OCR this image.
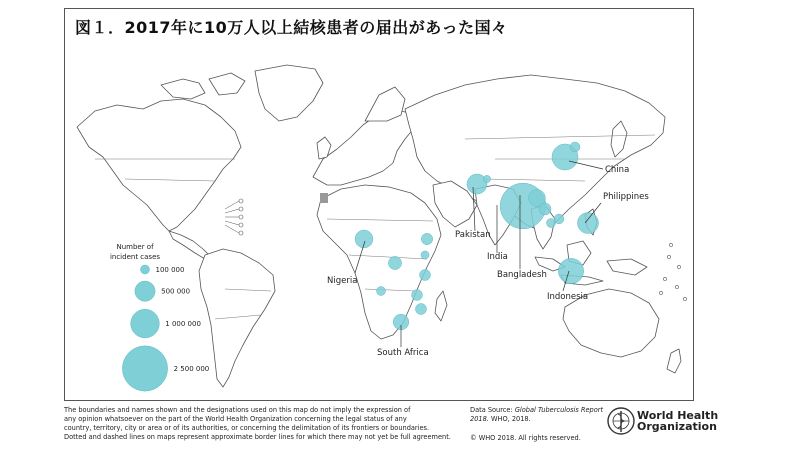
China
Philippines
Pakistan
India
Bangladesh
Indonesia
Nigeria
South Africa
Number of
incident cases
100 000
500 000
1 000 000
2 500 000
図１．2017年に10万人以上結核患者の届出があった国々
The boundaries and names shown and the designations used on this map do not imply the expression of
any opinion whatsoever on the part of the World Health Organization concerning the legal status of any
country, territory, city or area or of its authorities, or concerning the delimitation of its frontiers or boundaries.
Dotted and dashed lines on maps represent approximate border lines for which there may not yet be full agreement.
Data Source: Global Tuberculosis Report 2018. WHO, 2018.
© WHO 2018. All rights reserved.
World Health
Organization
